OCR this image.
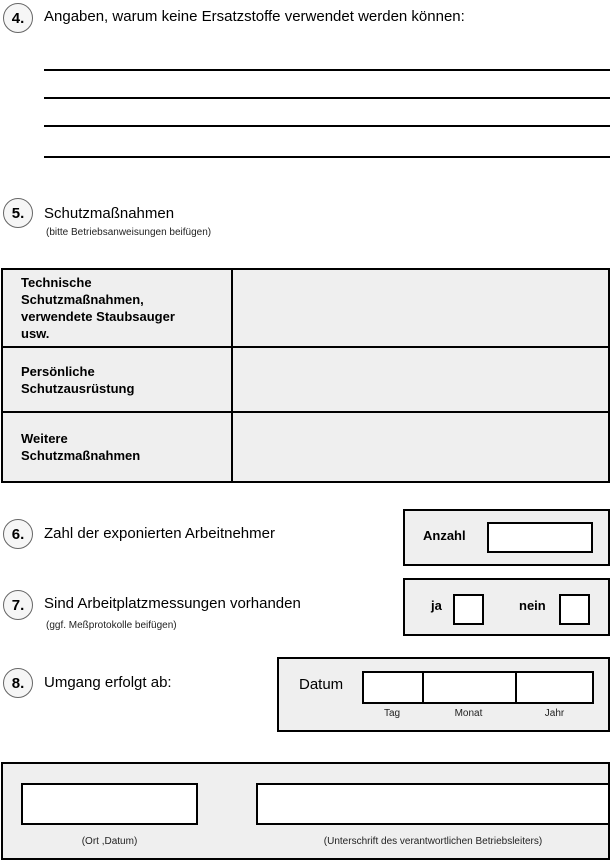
4.	Angaben, warum keine Ersatzstoffe verwendet werden können:
5.	Schutzmaßnahmen
(bitte Betriebsanweisungen beifügen)
Technische
Schutzmaßnahmen,
verwendete Staubsauger
usw.	

Persönliche
Schutzausrüstung	

Weitere
Schutzmaßnahmen	

6.	Zahl der exponierten Arbeitnehmer	Anzahl
7.	Sind Arbeitplatzmessungen vorhanden
(ggf. Meßprotokolle beifügen)
ja	nein
8.	Umgang erfolgt ab:	Datum
Tag	Monat	Jahr
(Ort ,Datum)	(Unterschrift des verantwortlichen Betriebsleiters)
